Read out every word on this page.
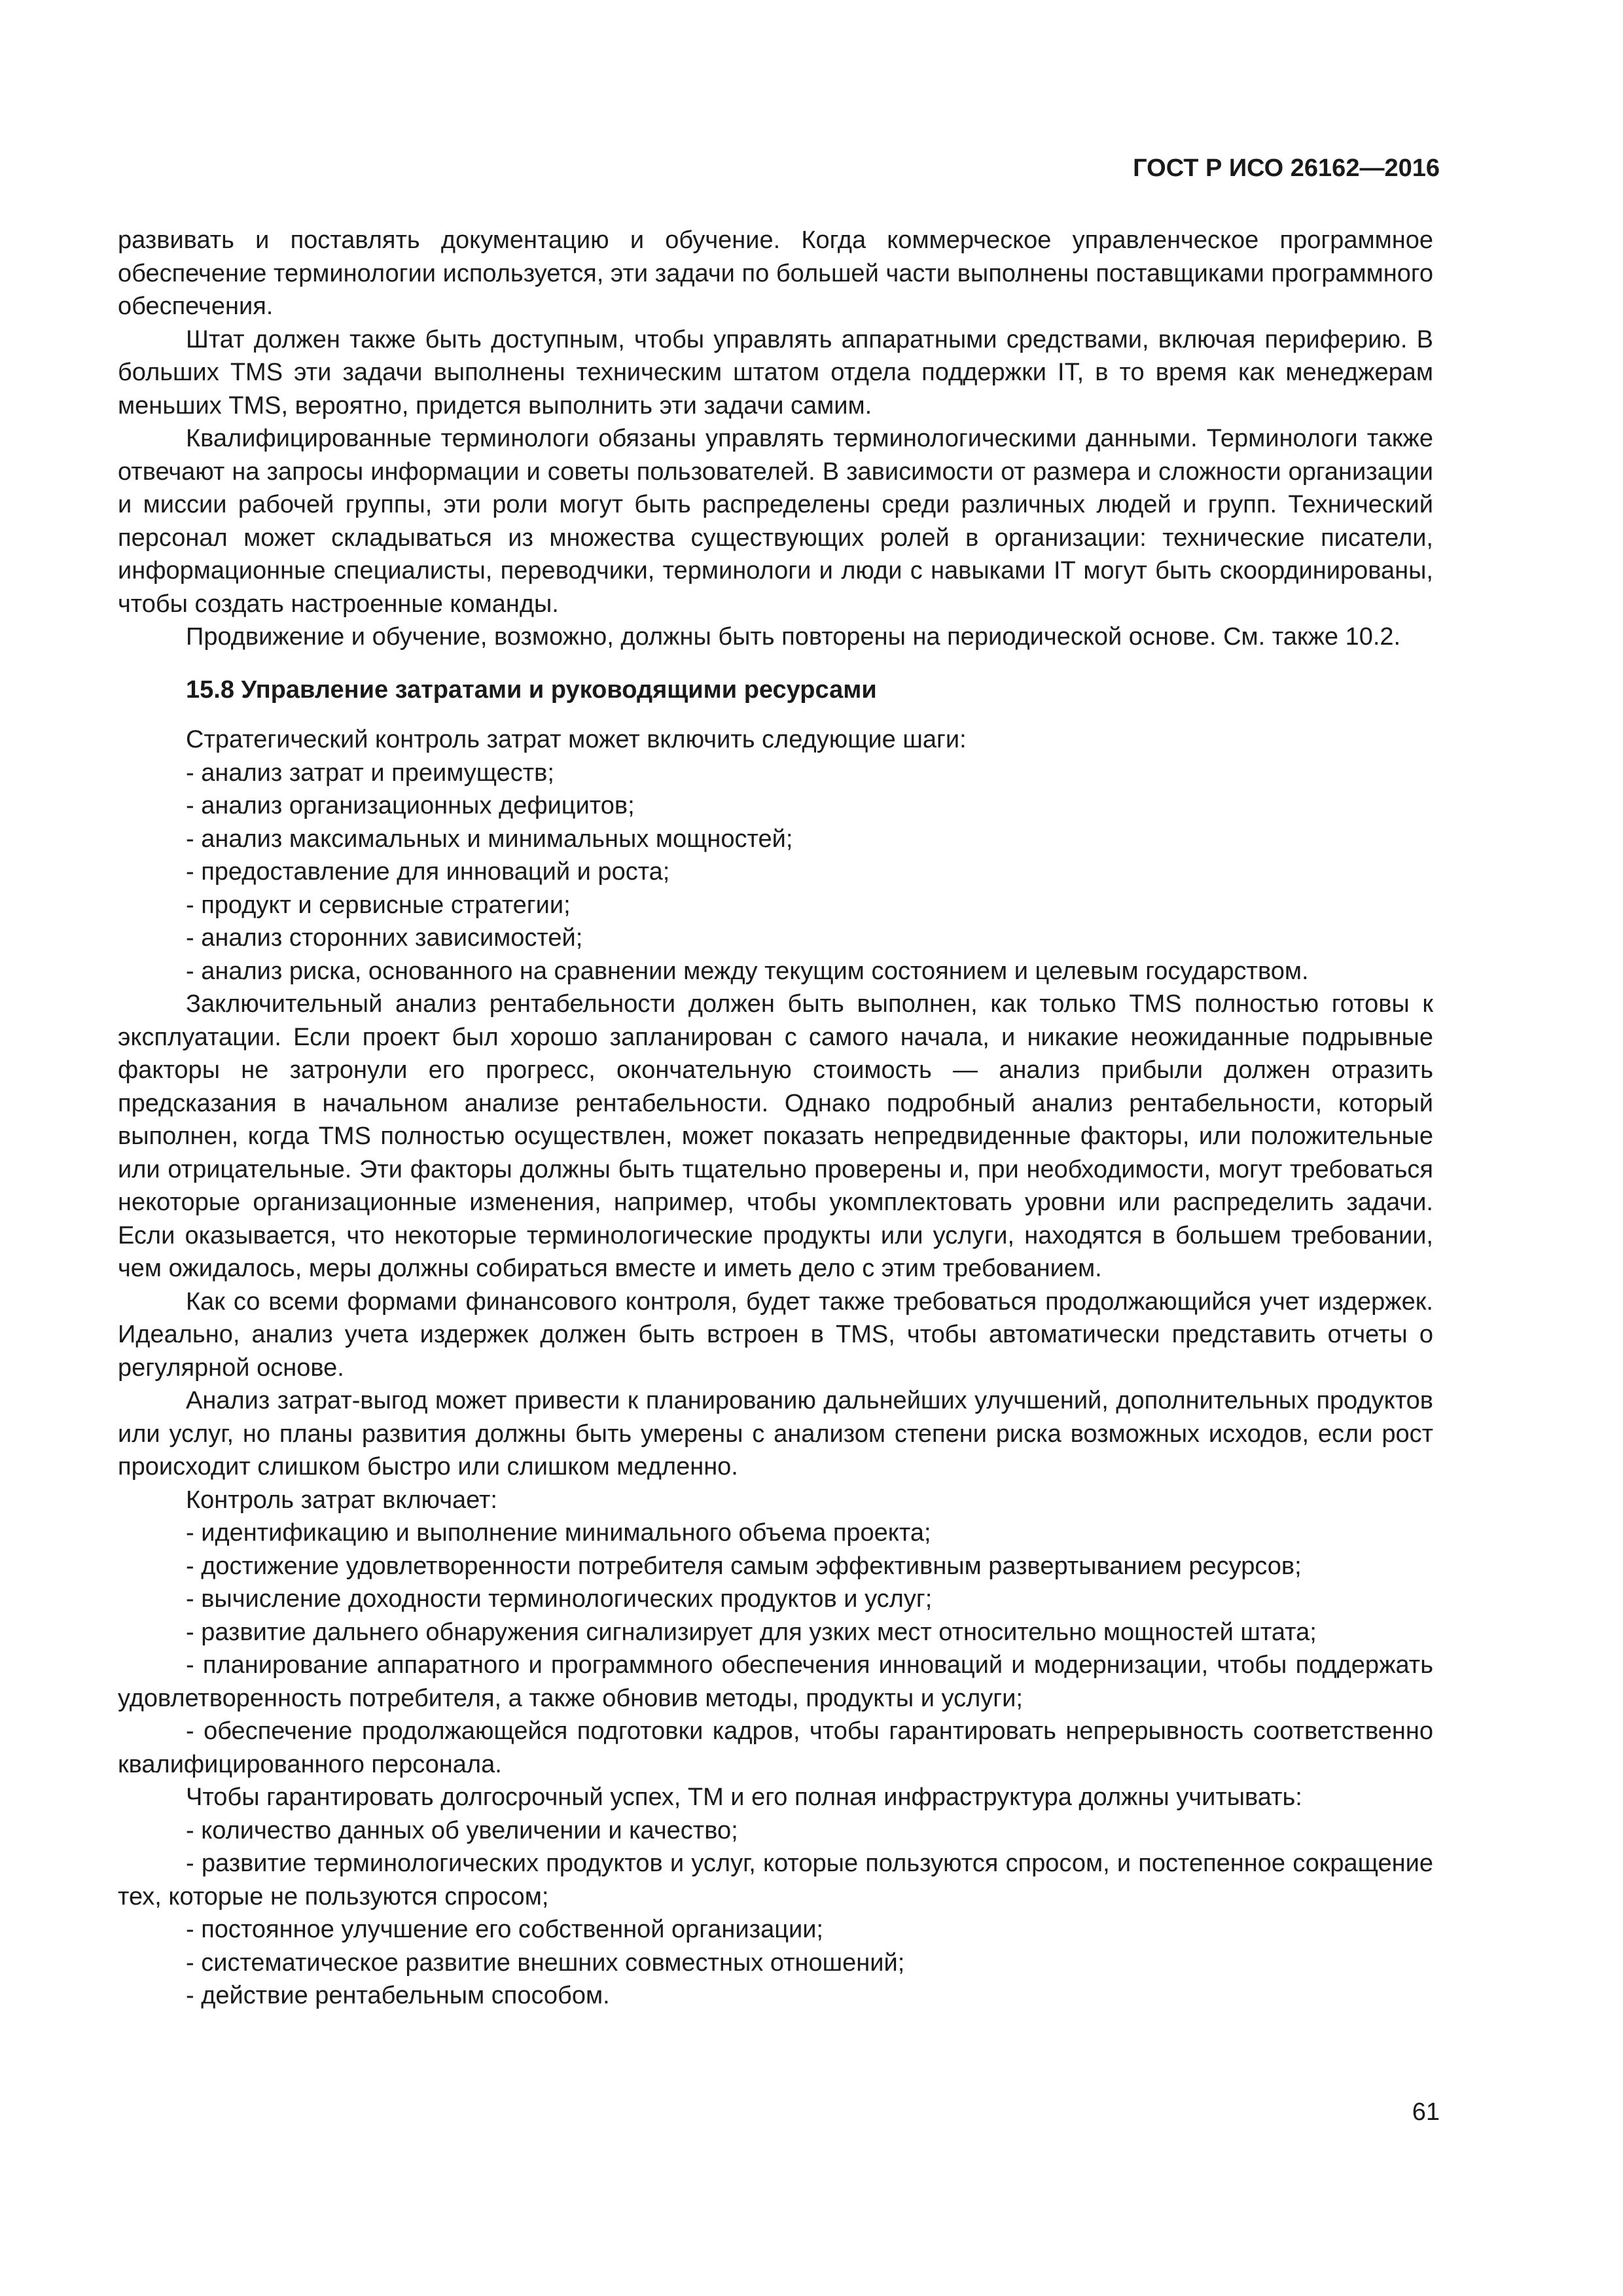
ГОСТ Р ИСО 26162—2016

развивать и поставлять документацию и обучение. Когда коммерческое управленческое программное обеспечение терминологии используется, эти задачи по большей части выполнены поставщиками программного обеспечения.

Штат должен также быть доступным, чтобы управлять аппаратными средствами, включая периферию. В больших TMS эти задачи выполнены техническим штатом отдела поддержки IT, в то время как менеджерам меньших TMS, вероятно, придется выполнить эти задачи самим.

Квалифицированные терминологи обязаны управлять терминологическими данными. Терминологи также отвечают на запросы информации и советы пользователей. В зависимости от размера и сложности организации и миссии рабочей группы, эти роли могут быть распределены среди различных людей и групп. Технический персонал может складываться из множества существующих ролей в организации: технические писатели, информационные специалисты, переводчики, терминологи и люди с навыками IT могут быть скоординированы, чтобы создать настроенные команды.

Продвижение и обучение, возможно, должны быть повторены на периодической основе. См. также 10.2.

15.8 Управление затратами и руководящими ресурсами

Стратегический контроль затрат может включить следующие шаги:

- анализ затрат и преимуществ;

- анализ организационных дефицитов;

- анализ максимальных и минимальных мощностей;

- предоставление для инноваций и роста;

- продукт и сервисные стратегии;

- анализ сторонних зависимостей;

- анализ риска, основанного на сравнении между текущим состоянием и целевым государством.

Заключительный анализ рентабельности должен быть выполнен, как только TMS полностью готовы к эксплуатации. Если проект был хорошо запланирован с самого начала, и никакие неожиданные подрывные факторы не затронули его прогресс, окончательную стоимость — анализ прибыли должен отразить предсказания в начальном анализе рентабельности. Однако подробный анализ рентабельности, который выполнен, когда TMS полностью осуществлен, может показать непредвиденные факторы, или положительные или отрицательные. Эти факторы должны быть тщательно проверены и, при необходимости, могут требоваться некоторые организационные изменения, например, чтобы укомплектовать уровни или распределить задачи. Если оказывается, что некоторые терминологические продукты или услуги, находятся в большем требовании, чем ожидалось, меры должны собираться вместе и иметь дело с этим требованием.

Как со всеми формами финансового контроля, будет также требоваться продолжающийся учет издержек. Идеально, анализ учета издержек должен быть встроен в TMS, чтобы автоматически представить отчеты о регулярной основе.

Анализ затрат-выгод может привести к планированию дальнейших улучшений, дополнительных продуктов или услуг, но планы развития должны быть умерены с анализом степени риска возможных исходов, если рост происходит слишком быстро или слишком медленно.

Контроль затрат включает:

- идентификацию и выполнение минимального объема проекта;

- достижение удовлетворенности потребителя самым эффективным развертыванием ресурсов;

- вычисление доходности терминологических продуктов и услуг;

- развитие дальнего обнаружения сигнализирует для узких мест относительно мощностей штата;

- планирование аппаратного и программного обеспечения инноваций и модернизации, чтобы поддержать удовлетворенность потребителя, а также обновив методы, продукты и услуги;

- обеспечение продолжающейся подготовки кадров, чтобы гарантировать непрерывность соответственно квалифицированного персонала.

Чтобы гарантировать долгосрочный успех, ТМ и его полная инфраструктура должны учитывать:

- количество данных об увеличении и качество;

- развитие терминологических продуктов и услуг, которые пользуются спросом, и постепенное сокращение тех, которые не пользуются спросом;

- постоянное улучшение его собственной организации;

- систематическое развитие внешних совместных отношений;

- действие рентабельным способом.

61
